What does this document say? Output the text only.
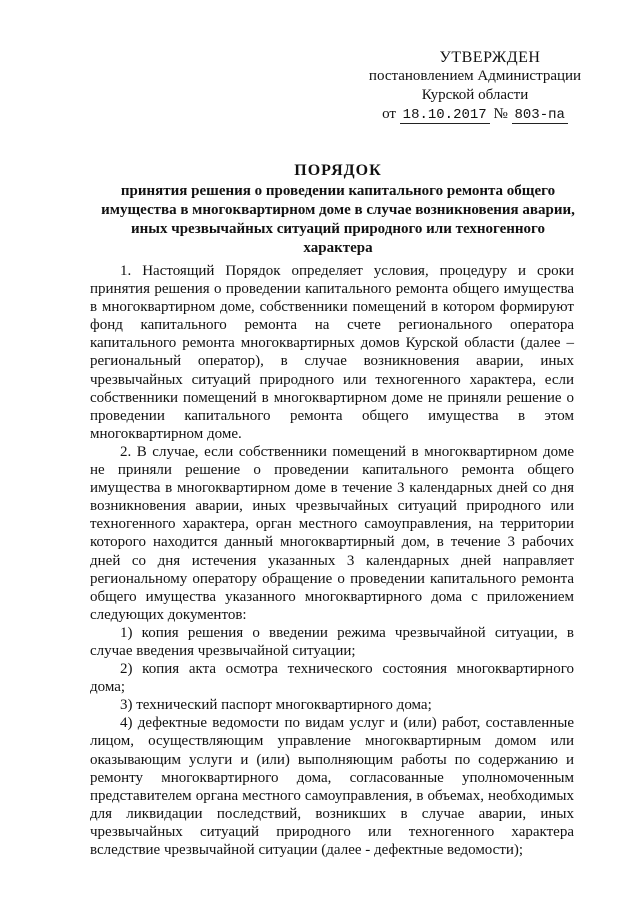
УТВЕРЖДЕН
постановлением Администрации
Курской области
от 18.10.2017 № 803-па
ПОРЯДОК
принятия решения о проведении капитального ремонта общего имущества в многоквартирном доме в случае возникновения аварии, иных чрезвычайных ситуаций природного или техногенного характера

1. Настоящий Порядок определяет условия, процедуру и сроки принятия решения о проведении капитального ремонта общего имущества в многоквартирном доме, собственники помещений в котором формируют фонд капитального ремонта на счете регионального оператора капитального ремонта многоквартирных домов Курской области (далее – региональный оператор), в случае возникновения аварии, иных чрезвычайных ситуаций природного или техногенного характера, если собственники помещений в многоквартирном доме не приняли решение о проведении капитального ремонта общего имущества в этом многоквартирном доме.

2. В случае, если собственники помещений в многоквартирном доме не приняли решение о проведении капитального ремонта общего имущества в многоквартирном доме в течение 3 календарных дней со дня возникновения аварии, иных чрезвычайных ситуаций природного или техногенного характера, орган местного самоуправления, на территории которого находится данный многоквартирный дом, в течение 3 рабочих дней со дня истечения указанных 3 календарных дней направляет региональному оператору обращение о проведении капитального ремонта общего имущества указанного многоквартирного дома с приложением следующих документов:

1) копия решения о введении режима чрезвычайной ситуации, в случае введения чрезвычайной ситуации;

2) копия акта осмотра технического состояния многоквартирного дома;

3) технический паспорт многоквартирного дома;

4) дефектные ведомости по видам услуг и (или) работ, составленные лицом, осуществляющим управление многоквартирным домом или оказывающим услуги и (или) выполняющим работы по содержанию и ремонту многоквартирного дома, согласованные уполномоченным представителем органа местного самоуправления, в объемах, необходимых для ликвидации последствий, возникших в случае аварии, иных чрезвычайных ситуаций природного или техногенного характера вследствие чрезвычайной ситуации (далее - дефектные ведомости);
